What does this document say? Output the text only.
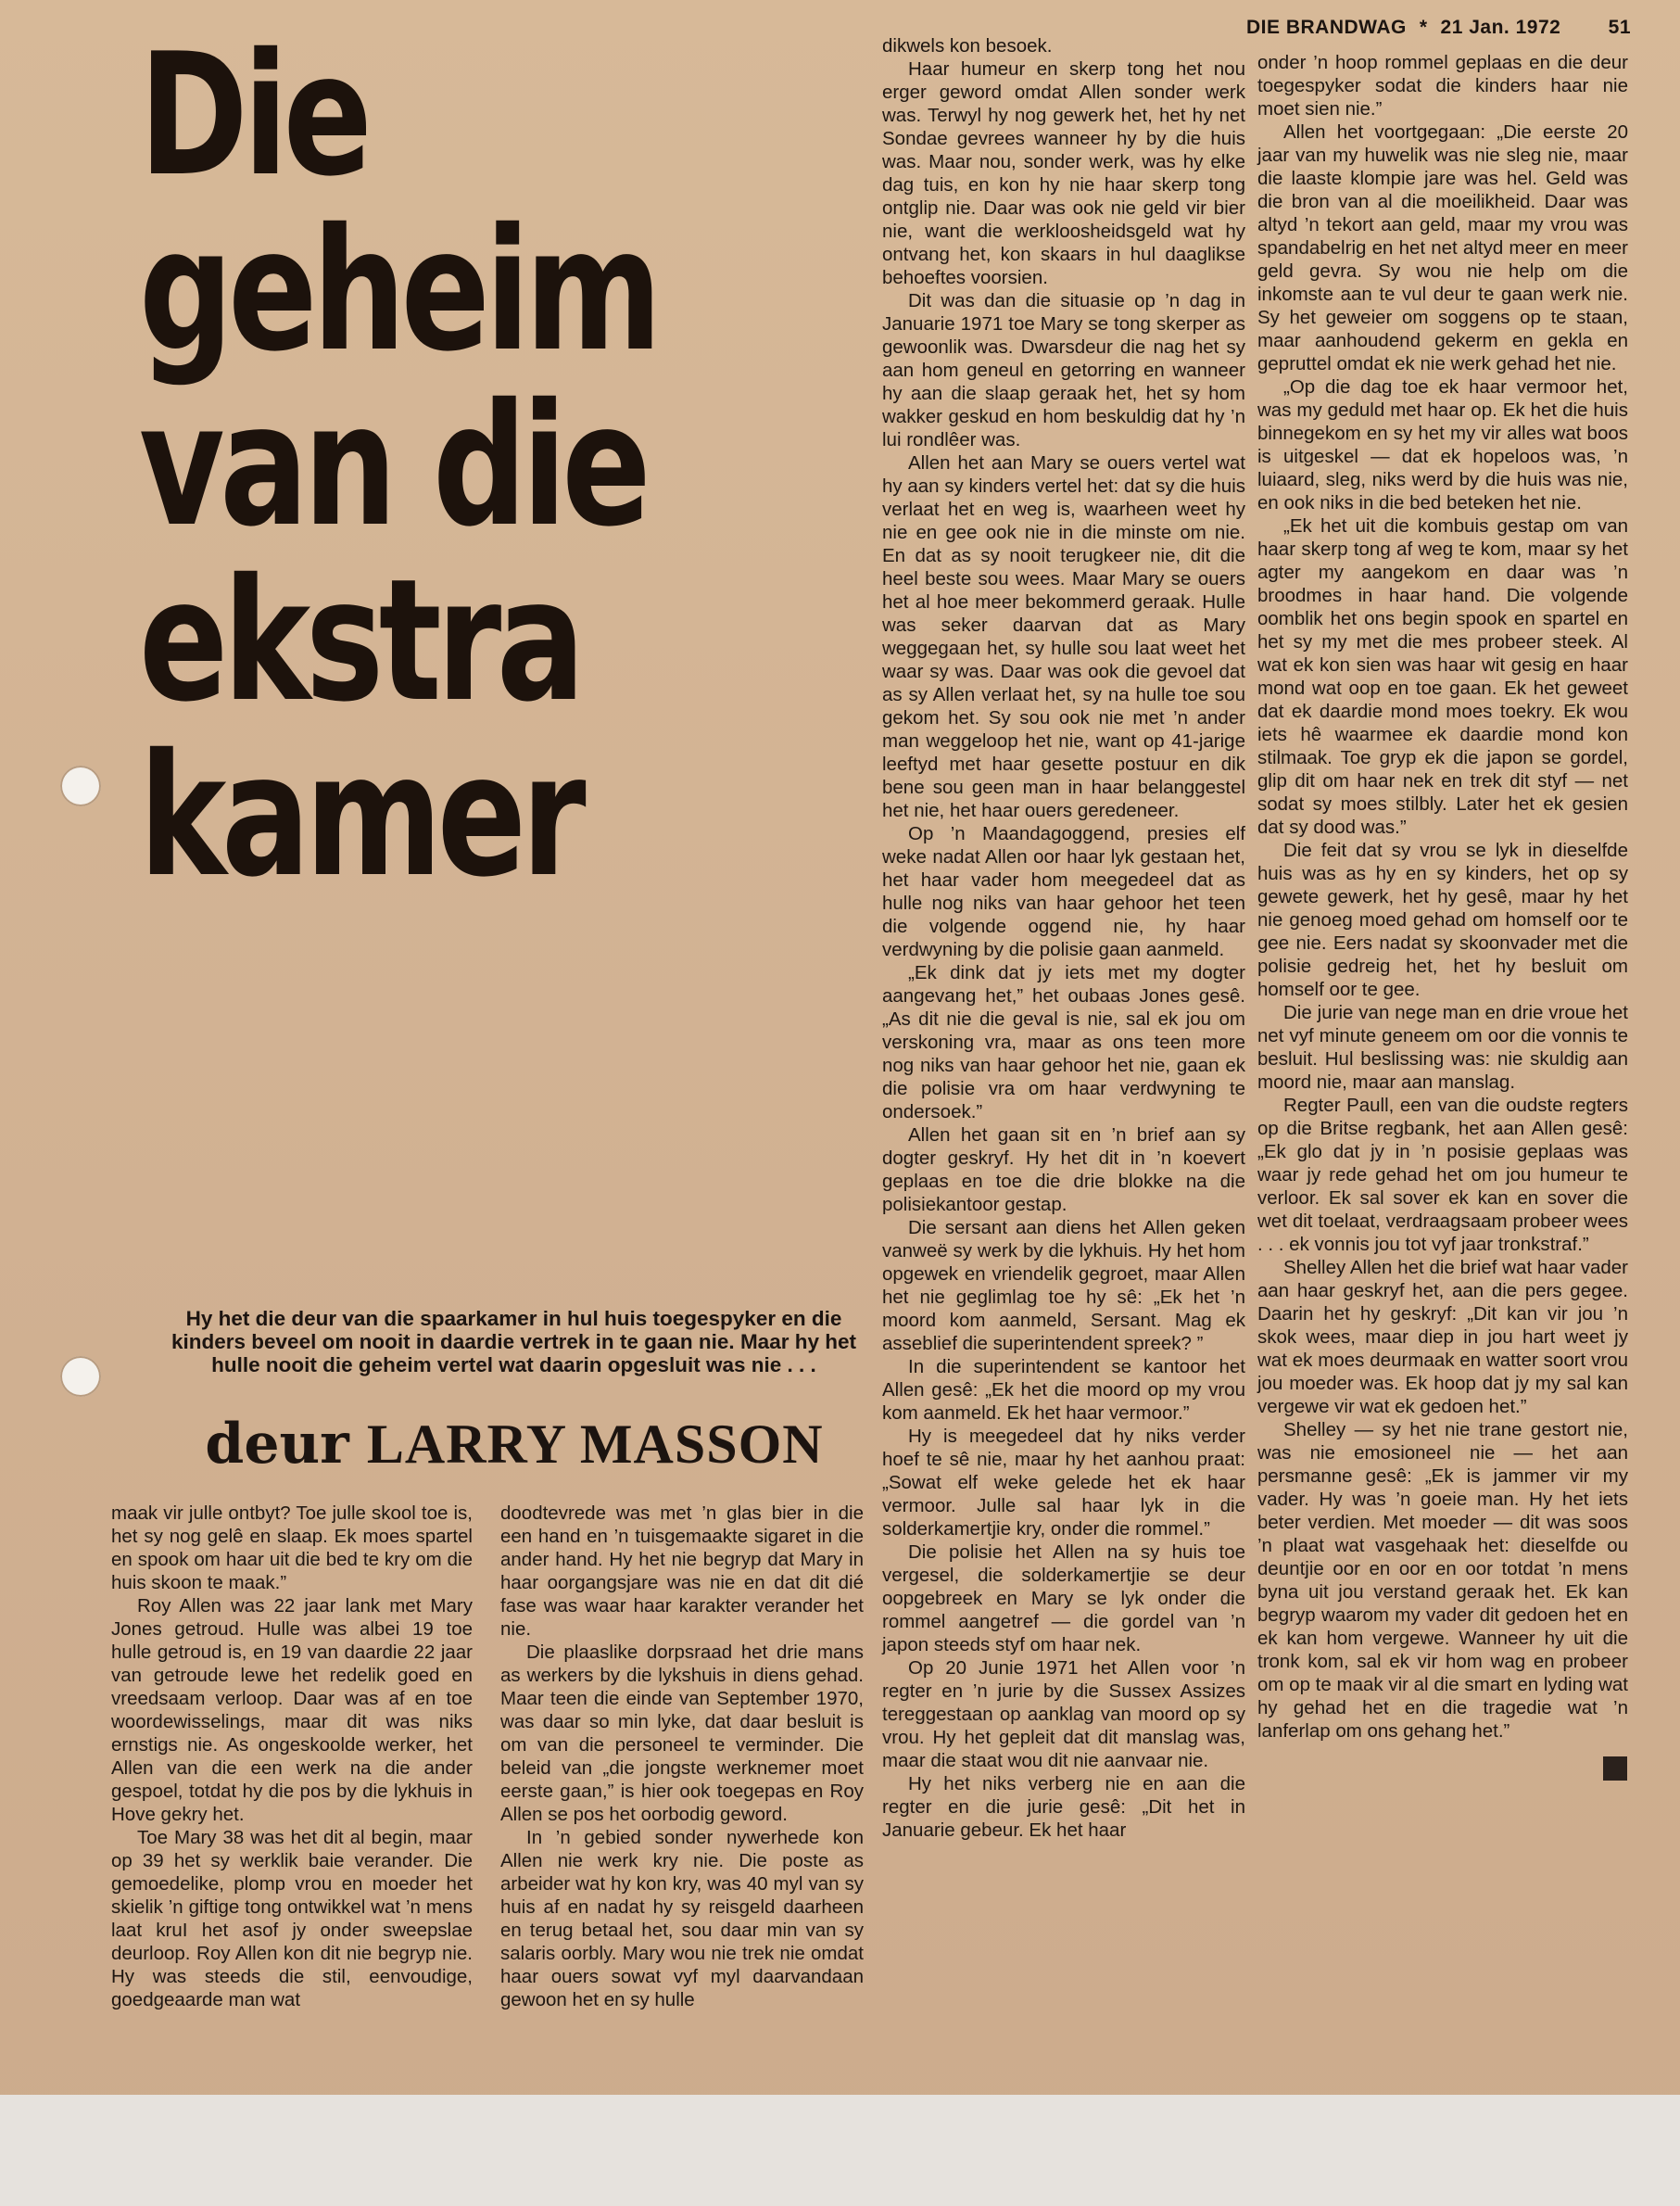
DIE BRANDWAG * 21 Jan. 1972 51
Die
geheim
van die
ekstra
kamer

Hy het die deur van die spaarkamer in hul huis toegespyker en die kinders beveel om nooit in daardie vertrek in te gaan nie. Maar hy het hulle nooit die geheim vertel wat daarin opgesluit was nie . . .

deur LARRY MASSON

maak vir julle ontbyt? Toe julle skool toe is, het sy nog gelê en slaap. Ek moes spartel en spook om haar uit die bed te kry om die huis skoon te maak.”

Roy Allen was 22 jaar lank met Mary Jones getroud. Hulle was albei 19 toe hulle getroud is, en 19 van daardie 22 jaar van getroude lewe het redelik goed en vreedsaam verloop. Daar was af en toe woordewisselings, maar dit was niks ernstigs nie. As ongeskoolde werker, het Allen van die een werk na die ander gespoel, totdat hy die pos by die lykhuis in Hove gekry het.

Toe Mary 38 was het dit al begin, maar op 39 het sy werklik baie verander. Die gemoedelike, plomp vrou en moeder het skielik ’n giftige tong ontwikkel wat ’n mens laat kruI het asof jy onder sweepslae deurloop. Roy Allen kon dit nie begryp nie. Hy was steeds die stil, eenvoudige, goedgeaarde man wat

doodtevrede was met ’n glas bier in die een hand en ’n tuisgemaakte sigaret in die ander hand. Hy het nie begryp dat Mary in haar oorgangsjare was nie en dat dit dié fase was waar haar karakter verander het nie.

Die plaaslike dorpsraad het drie mans as werkers by die lykshuis in diens gehad. Maar teen die einde van September 1970, was daar so min lyke, dat daar besluit is om van die personeel te verminder. Die beleid van „die jongste werknemer moet eerste gaan,” is hier ook toegepas en Roy Allen se pos het oorbodig geword.

In ’n gebied sonder nywerhede kon Allen nie werk kry nie. Die poste as arbeider wat hy kon kry, was 40 myl van sy huis af en nadat hy sy reisgeld daarheen en terug betaal het, sou daar min van sy salaris oorbly. Mary wou nie trek nie omdat haar ouers sowat vyf myl daarvandaan gewoon het en sy hulle

dikwels kon besoek.

Haar humeur en skerp tong het nou erger geword omdat Allen sonder werk was. Terwyl hy nog gewerk het, het hy net Sondae gevrees wanneer hy by die huis was. Maar nou, sonder werk, was hy elke dag tuis, en kon hy nie haar skerp tong ontglip nie. Daar was ook nie geld vir bier nie, want die werkloosheidsgeld wat hy ontvang het, kon skaars in hul daaglikse behoeftes voorsien.

Dit was dan die situasie op ’n dag in Januarie 1971 toe Mary se tong skerper as gewoonlik was. Dwarsdeur die nag het sy aan hom geneul en getorring en wanneer hy aan die slaap geraak het, het sy hom wakker geskud en hom beskuldig dat hy ’n lui rondlêer was.

Allen het aan Mary se ouers vertel wat hy aan sy kinders vertel het: dat sy die huis verlaat het en weg is, waarheen weet hy nie en gee ook nie in die minste om nie. En dat as sy nooit terugkeer nie, dit die heel beste sou wees. Maar Mary se ouers het al hoe meer bekommerd geraak. Hulle was seker daarvan dat as Mary weggegaan het, sy hulle sou laat weet het waar sy was. Daar was ook die gevoel dat as sy Allen verlaat het, sy na hulle toe sou gekom het. Sy sou ook nie met ’n ander man weggeloop het nie, want op 41-jarige leeftyd met haar gesette postuur en dik bene sou geen man in haar belanggestel het nie, het haar ouers geredeneer.

Op ’n Maandagoggend, presies elf weke nadat Allen oor haar lyk gestaan het, het haar vader hom meegedeel dat as hulle nog niks van haar gehoor het teen die volgende oggend nie, hy haar verdwyning by die polisie gaan aanmeld.

„Ek dink dat jy iets met my dogter aangevang het,” het oubaas Jones gesê. „As dit nie die geval is nie, sal ek jou om verskoning vra, maar as ons teen more nog niks van haar gehoor het nie, gaan ek die polisie vra om haar verdwyning te ondersoek.”

Allen het gaan sit en ’n brief aan sy dogter geskryf. Hy het dit in ’n koevert geplaas en toe die drie blokke na die polisiekantoor gestap.

Die sersant aan diens het Allen geken vanweë sy werk by die lykhuis. Hy het hom opgewek en vriendelik gegroet, maar Allen het nie geglimlag toe hy sê: „Ek het ’n moord kom aanmeld, Sersant. Mag ek asseblief die superintendent spreek? ”

In die superintendent se kantoor het Allen gesê: „Ek het die moord op my vrou kom aanmeld. Ek het haar vermoor.”

Hy is meegedeel dat hy niks verder hoef te sê nie, maar hy het aanhou praat: „Sowat elf weke gelede het ek haar vermoor. Julle sal haar lyk in die solderkamertjie kry, onder die rommel.”

Die polisie het Allen na sy huis toe vergesel, die solderkamertjie se deur oopgebreek en Mary se lyk onder die rommel aangetref — die gordel van ’n japon steeds styf om haar nek.

Op 20 Junie 1971 het Allen voor ’n regter en ’n jurie by die Sussex Assizes tereggestaan op aanklag van moord op sy vrou. Hy het gepleit dat dit manslag was, maar die staat wou dit nie aanvaar nie.

Hy het niks verberg nie en aan die regter en die jurie gesê: „Dit het in Januarie gebeur. Ek het haar

onder ’n hoop rommel geplaas en die deur toegespyker sodat die kinders haar nie moet sien nie.”

Allen het voortgegaan: „Die eerste 20 jaar van my huwelik was nie sleg nie, maar die laaste klompie jare was hel. Geld was die bron van al die moeilikheid. Daar was altyd ’n tekort aan geld, maar my vrou was spandabelrig en het net altyd meer en meer geld gevra. Sy wou nie help om die inkomste aan te vul deur te gaan werk nie. Sy het geweier om soggens op te staan, maar aanhoudend gekerm en gekla en gepruttel omdat ek nie werk gehad het nie.

„Op die dag toe ek haar vermoor het, was my geduld met haar op. Ek het die huis binnegekom en sy het my vir alles wat boos is uitgeskel — dat ek hopeloos was, ’n luiaard, sleg, niks werd by die huis was nie, en ook niks in die bed beteken het nie.

„Ek het uit die kombuis gestap om van haar skerp tong af weg te kom, maar sy het agter my aangekom en daar was ’n broodmes in haar hand. Die volgende oomblik het ons begin spook en spartel en het sy my met die mes probeer steek. Al wat ek kon sien was haar wit gesig en haar mond wat oop en toe gaan. Ek het geweet dat ek daardie mond moes toekry. Ek wou iets hê waarmee ek daardie mond kon stilmaak. Toe gryp ek die japon se gordel, glip dit om haar nek en trek dit styf — net sodat sy moes stilbly. Later het ek gesien dat sy dood was.”

Die feit dat sy vrou se lyk in dieselfde huis was as hy en sy kinders, het op sy gewete gewerk, het hy gesê, maar hy het nie genoeg moed gehad om homself oor te gee nie. Eers nadat sy skoonvader met die polisie gedreig het, het hy besluit om homself oor te gee.

Die jurie van nege man en drie vroue het net vyf minute geneem om oor die vonnis te besluit. Hul beslissing was: nie skuldig aan moord nie, maar aan manslag.

Regter Paull, een van die oudste regters op die Britse regbank, het aan Allen gesê: „Ek glo dat jy in ’n posisie geplaas was waar jy rede gehad het om jou humeur te verloor. Ek sal sover ek kan en sover die wet dit toelaat, verdraagsaam probeer wees . . . ek vonnis jou tot vyf jaar tronkstraf.”

Shelley Allen het die brief wat haar vader aan haar geskryf het, aan die pers gegee. Daarin het hy geskryf: „Dit kan vir jou ’n skok wees, maar diep in jou hart weet jy wat ek moes deurmaak en watter soort vrou jou moeder was. Ek hoop dat jy my sal kan vergewe vir wat ek gedoen het.”

Shelley — sy het nie trane gestort nie, was nie emosioneel nie — het aan persmanne gesê: „Ek is jammer vir my vader. Hy was ’n goeie man. Hy het iets beter verdien. Met moeder — dit was soos ’n plaat wat vasgehaak het: dieselfde ou deuntjie oor en oor en oor totdat ’n mens byna uit jou verstand geraak het. Ek kan begryp waarom my vader dit gedoen het en ek kan hom vergewe. Wanneer hy uit die tronk kom, sal ek vir hom wag en probeer om op te maak vir al die smart en lyding wat hy gehad het en die tragedie wat ’n lanferlap om ons gehang het.”
